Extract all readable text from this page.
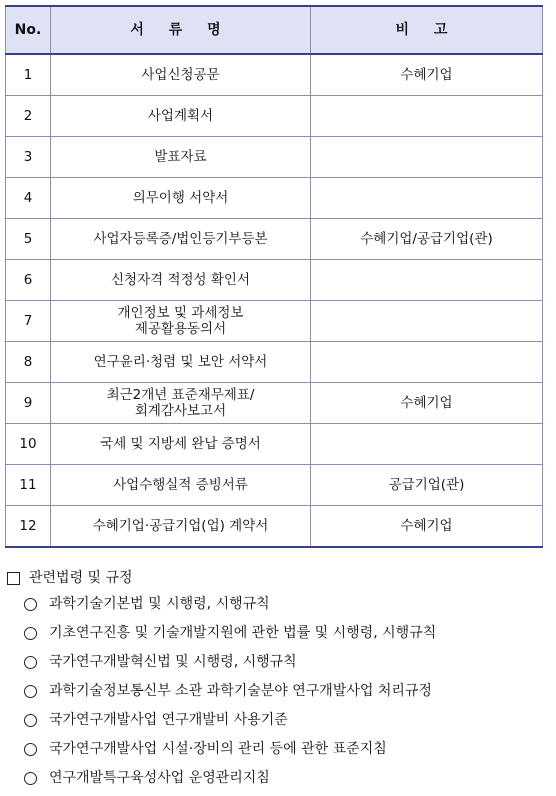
No.	서 류 명	비 고
1	사업신청공문	수혜기업
2	사업계획서	
3	발표자료	
4	의무이행 서약서	
5	사업자등록증/법인등기부등본	수혜기업/공급기업(관)
6	신청자격 적정성 확인서	
7	개인정보 및 과세정보
제공활용동의서	
8	연구윤리·청렴 및 보안 서약서	
9	최근2개년 표준재무제표/
회계감사보고서	수혜기업
10	국세 및 지방세 완납 증명서	
11	사업수행실적 증빙서류	공급기업(관)
12	수혜기업·공급기업(업) 계약서	수혜기업
관련법령 및 규정
과학기술기본법 및 시행령, 시행규칙
기초연구진흥 및 기술개발지원에 관한 법률 및 시행령, 시행규칙
국가연구개발혁신법 및 시행령, 시행규칙
과학기술정보통신부 소관 과학기술분야 연구개발사업 처리규정
국가연구개발사업 연구개발비 사용기준
국가연구개발사업 시설·장비의 관리 등에 관한 표준지침
연구개발특구육성사업 운영관리지침
